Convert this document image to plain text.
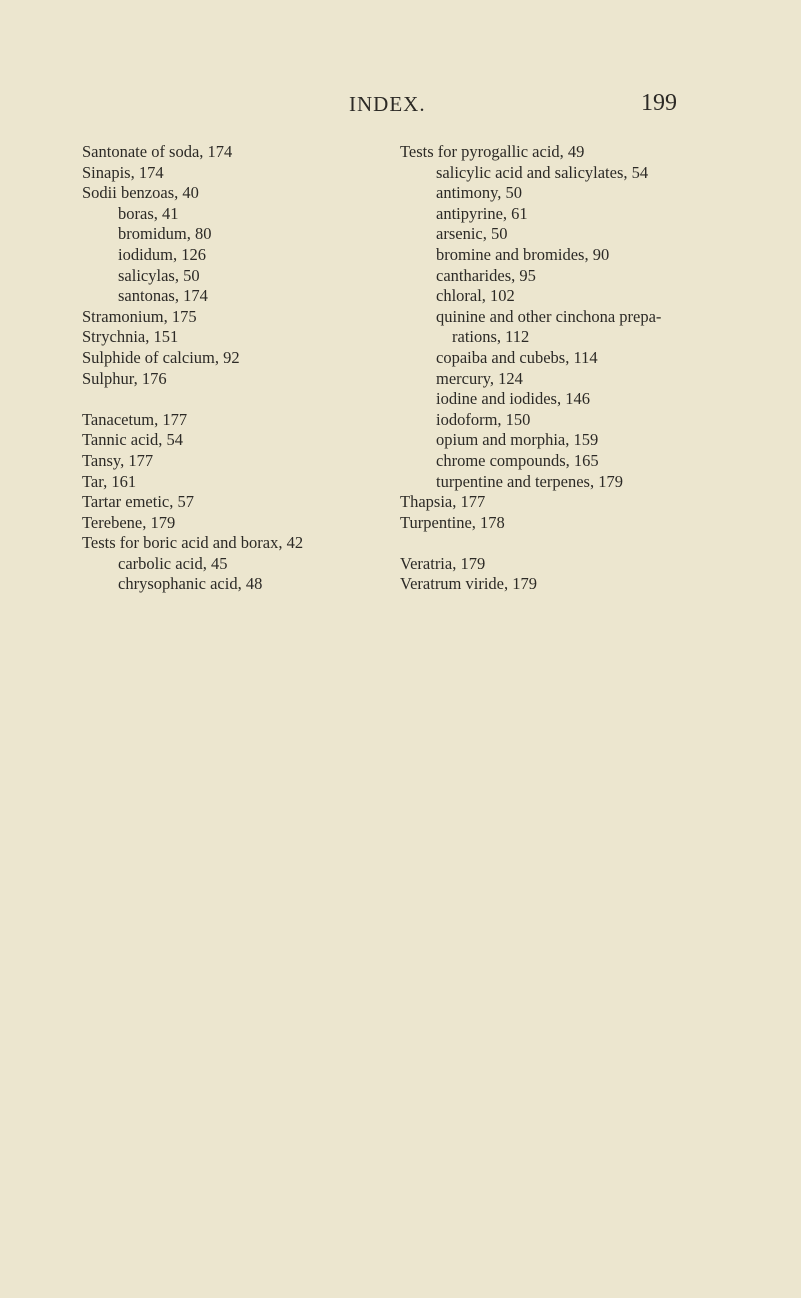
INDEX.	199
Santonate of soda, 174
Sinapis, 174
Sodii benzoas, 40
boras, 41
bromidum, 80
iodidum, 126
salicylas, 50
santonas, 174
Stramonium, 175
Strychnia, 151
Sulphide of calcium, 92
Sulphur, 176
Tanacetum, 177
Tannic acid, 54
Tansy, 177
Tar, 161
Tartar emetic, 57
Terebene, 179
Tests for boric acid and borax, 42
carbolic acid, 45
chrysophanic acid, 48
Tests for pyrogallic acid, 49
salicylic acid and salicylates, 54
antimony, 50
antipyrine, 61
arsenic, 50
bromine and bromides, 90
cantharides, 95
chloral, 102
quinine and other cinchona prepa-
rations, 112
copaiba and cubebs, 114
mercury, 124
iodine and iodides, 146
iodoform, 150
opium and morphia, 159
chrome compounds, 165
turpentine and terpenes, 179
Thapsia, 177
Turpentine, 178
Veratria, 179
Veratrum viride, 179
